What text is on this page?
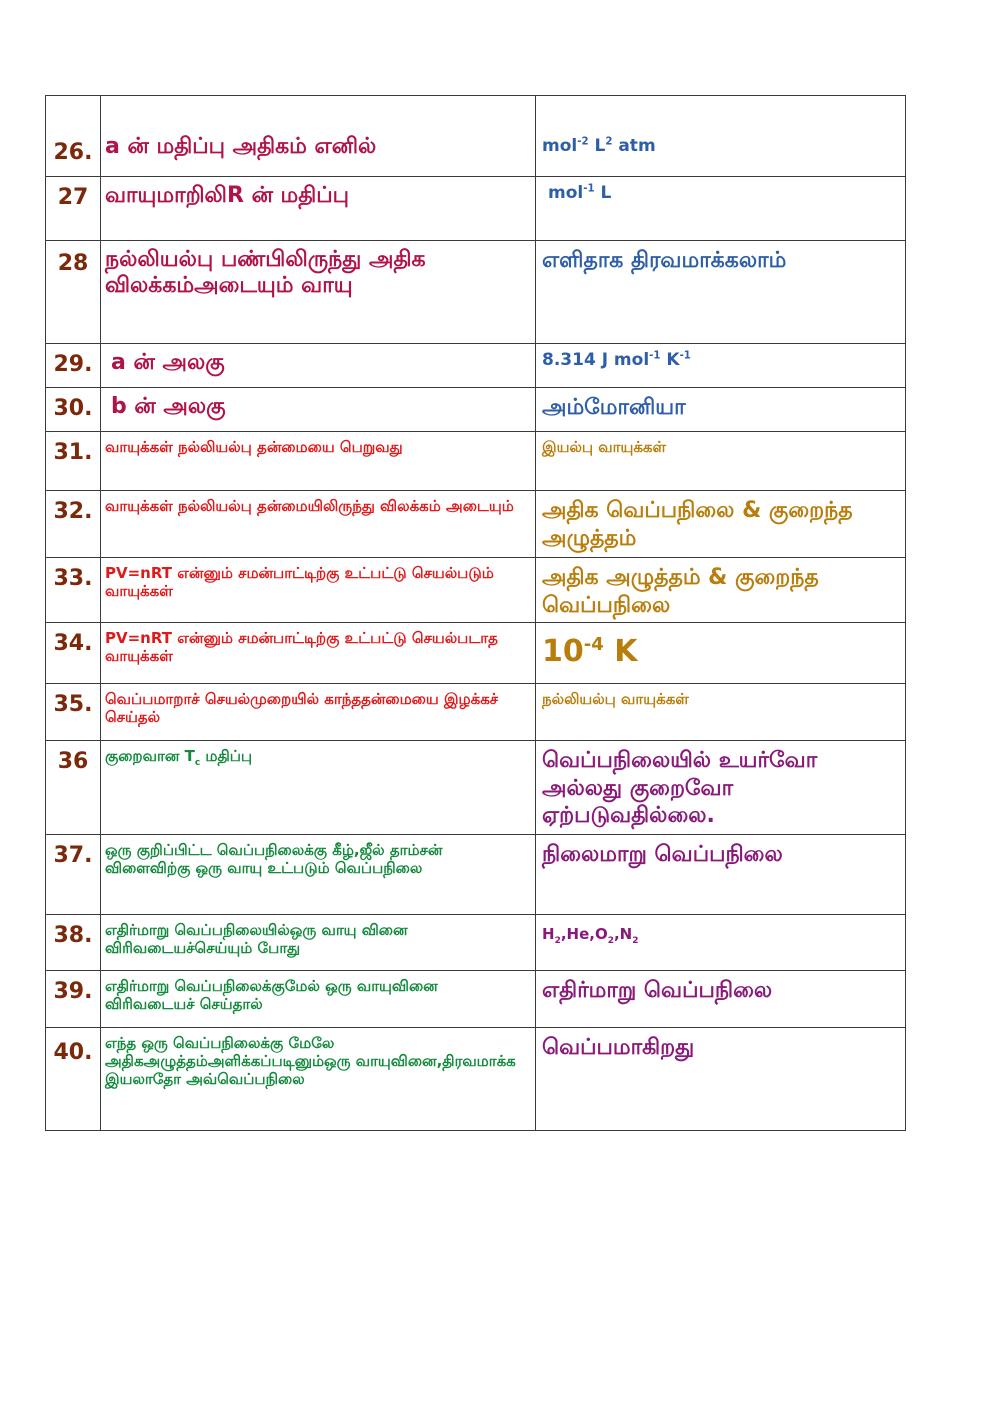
26.	a ன் மதிப்பு அதிகம் எனில்	mol$^{-2}$ $L^2$ atm
27	வாயுமாறிலிR ன் மதிப்பு	mol$^{-1}$ L
28	நல்லியல்பு பண்பிலிருந்து அதிக விலக்கம்அடையும் வாயு	எளிதாக திரவமாக்கலாம்
29.	a ன் அலகு	8.314 J mol$^{-1}$ $K^{-1}$
30.	b ன் அலகு	அம்மோனியா
31.	வாயுக்கள் நல்லியல்பு தன்மையை பெறுவது	இயல்பு வாயுக்கள்
32.	வாயுக்கள் நல்லியல்பு தன்மையிலிருந்து விலக்கம் அடையும்	அதிக வெப்பநிலை & குறைந்த அழுத்தம்
33.	PV=nRT என்னும் சமன்பாட்டிற்கு உட்பட்டு செயல்படும் வாயுக்கள்	அதிக அழுத்தம் & குறைந்த வெப்பநிலை
34.	PV=nRT என்னும் சமன்பாட்டிற்கு உட்பட்டு செயல்படாத வாயுக்கள்	$10^{-4}$ K
35.	வெப்பமாறாச் செயல்முறையில் காந்ததன்மையை இழக்கச் செய்தல்	நல்லியல்பு வாயுக்கள்
36	குறைவான $T_c$ மதிப்பு	வெப்பநிலையில் உயர்வோ அல்லது குறைவோ ஏற்படுவதில்லை.
37.	ஒரு குறிப்பிட்ட வெப்பநிலைக்கு கீழ்,ஜீல் தாம்சன் விளைவிற்கு ஒரு வாயு உட்படும் வெப்பநிலை	நிலைமாறு வெப்பநிலை
38.	எதிர்மாறு வெப்பநிலையில்ஒரு வாயு வினை விரிவடையச்செய்யும் போது	$H_2,He,O_2,N_2$
39.	எதிர்மாறு வெப்பநிலைக்குமேல் ஒரு வாயுவினை விரிவடையச் செய்தால்	எதிர்மாறு வெப்பநிலை
40.	எந்த ஒரு வெப்பநிலைக்கு மேலே அதிகஅழுத்தம்அளிக்கப்படினும்ஒரு வாயுவினை,திரவமாக்க இயலாதோ அவ்வெப்பநிலை	வெப்பமாகிறது
